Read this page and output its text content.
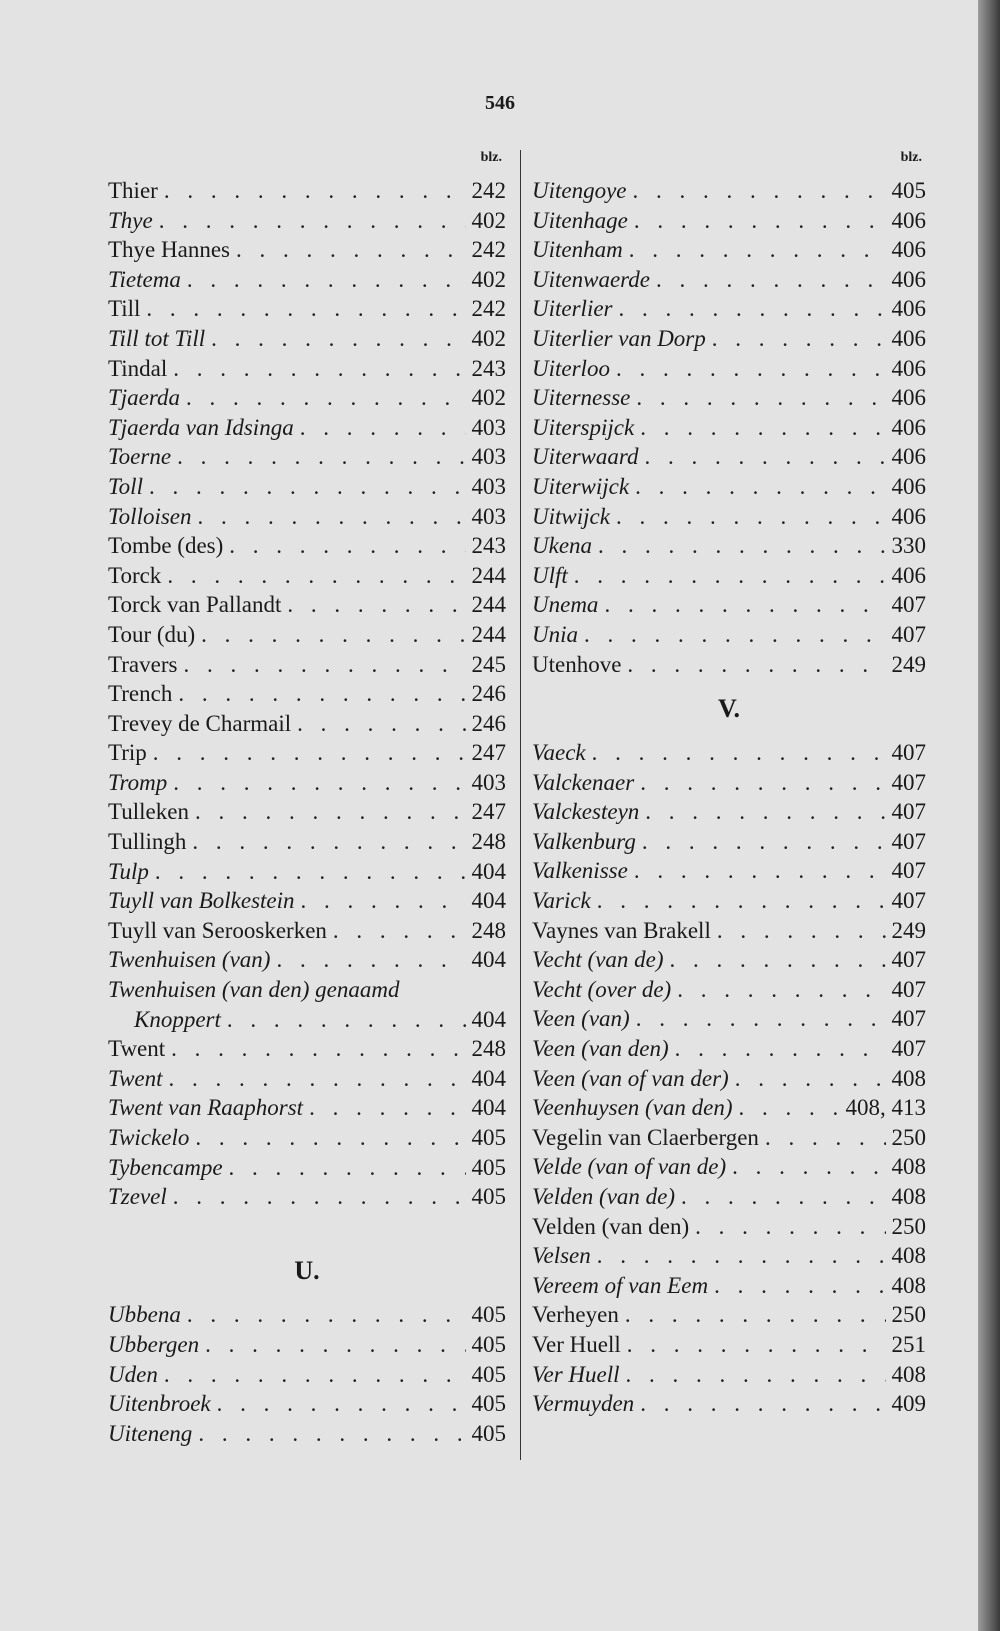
546
blz.
Thier . . .	242
Thye . . .	402
Thye Hannes . . .	242
Tietema . . .	402
Till . . .	242
Till tot Till . . .	402
Tindal . . .	243
Tjaerda . . .	402
Tjaerda van Idsinga . . .	403
Toerne . . .	403
Toll . . .	403
Tolloisen . . .	403
Tombe (des) . . .	243
Torck . . .	244
Torck van Pallandt . . .	244
Tour (du) . . .	244
Travers . . .	245
Trench . . .	246
Trevey de Charmail . . .	246
Trip . . .	247
Tromp . . .	403
Tulleken . . .	247
Tullingh . . .	248
Tulp . . .	404
Tuyll van Bolkestein . . .	404
Tuyll van Serooskerken . . .	248
Twenhuisen (van) . . .	404
Twenhuisen (van den) genaamd
Knoppert . . .	404
Twent . . .	248
Twent . . .	404
Twent van Raaphorst . . .	404
Twickelo . . .	405
Tybencampe . . .	405
Tzevel . . .	405
U.
Ubbena . . .	405
Ubbergen . . .	405
Uden . . .	405
Uitenbroek . . .	405
Uiteneng . . .	405
blz.
Uitengoye . . .	405
Uitenhage . . .	406
Uitenham . . .	406
Uitenwaerde . . .	406
Uiterlier . . .	406
Uiterlier van Dorp . . .	406
Uiterloo . . .	406
Uiternesse . . .	406
Uiterspijck . . .	406
Uiterwaard . . .	406
Uiterwijck . . .	406
Uitwijck . . .	406
Ukena . . .	330
Ulft . . .	406
Unema . . .	407
Unia . . .	407
Utenhove . . .	249
V.
Vaeck . . .	407
Valckenaer . . .	407
Valckesteyn . . .	407
Valkenburg . . .	407
Valkenisse . . .	407
Varick . . .	407
Vaynes van Brakell . . .	249
Vecht (van de) . . .	407
Vecht (over de) . . .	407
Veen (van) . . .	407
Veen (van den) . . .	407
Veen (van of van der) . . .	408
Veenhuysen (van den) . . .	408, 413
Vegelin van Claerbergen . . .	250
Velde (van of van de) . . .	408
Velden (van de) . . .	408
Velden (van den) . . .	250
Velsen . . .	408
Vereem of van Eem . . .	408
Verheyen . . .	250
Ver Huell . . .	251
Ver Huell . . .	408
Vermuyden . . .	409
